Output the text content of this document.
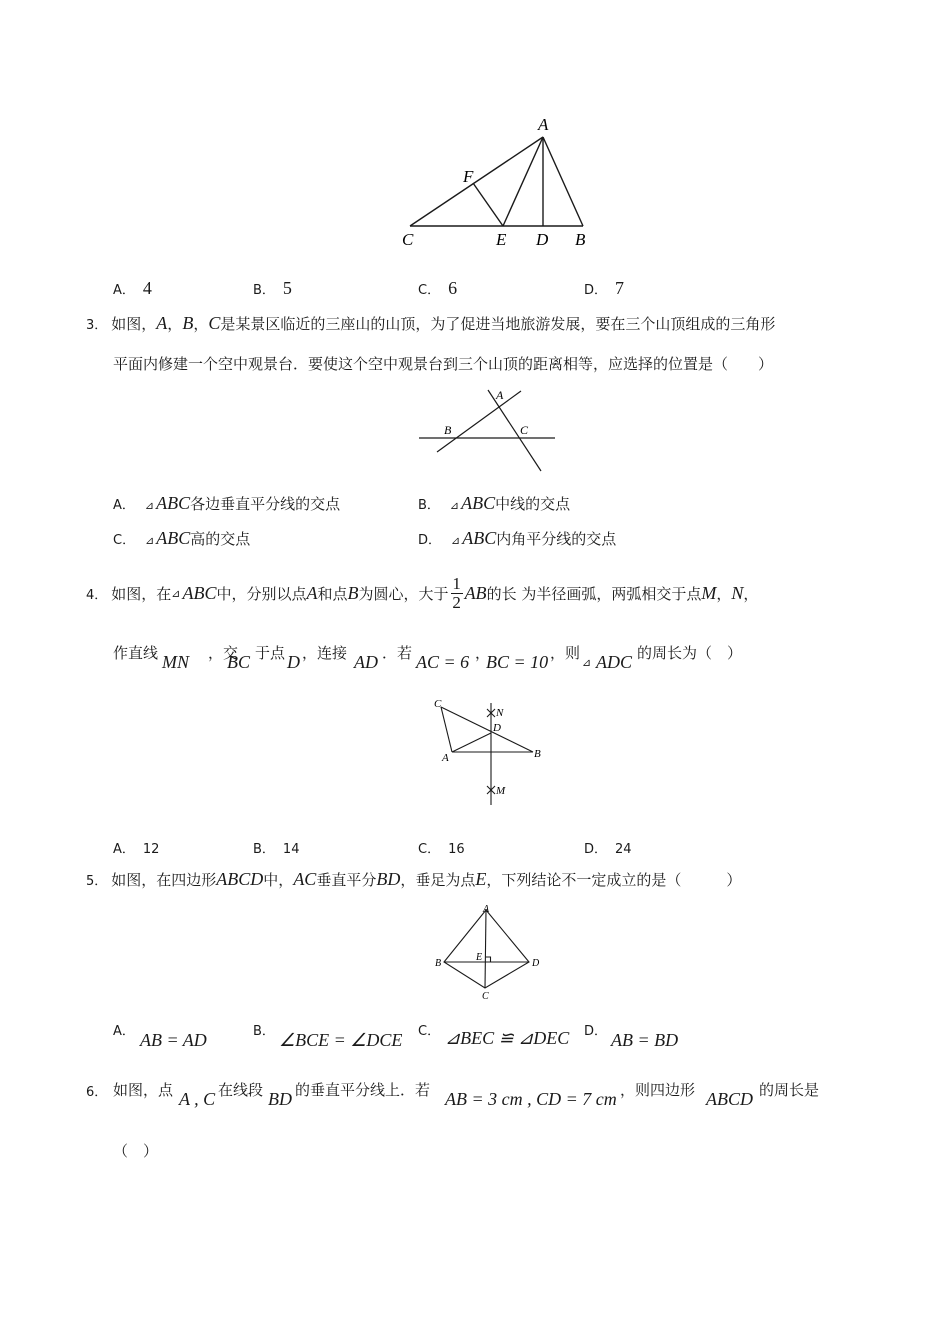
A
F
C	E D B
A． 4	B． 5	C． 6	D． 7
3． 如图， A ， B ， C 是某景区临近的三座山的山顶，为了促进当地旅游发展，要在三个山顶组成的三角形
平面内修建一个空中观景台．要使这个空中观景台到三个山顶的距离相等，应选择的位置是（　　）
A
B	C
A． ⊿ ABC 各边垂直平分线的交点	B． ⊿ ABC 中线的交点
C． ⊿ ABC 高的交点	D． ⊿ ABC 内角平分线的交点
4． 如图，在 ⊿ ABC 中，分别以点 A 和点 B 为圆心，大于 $\frac{1}{2}$ AB 的长 为半径画弧，两弧相交于点 M ， N ，
作直线 MN ，交
BC 于点 D ，连接 AD ．若 AC = 6 ，
BC = 10 ，则
⊿ ADC 的周长为（　）
C
N
D
A	B
M
A． 12	B． 14	C． 16	D． 24
5． 如图，在四边形 ABCD 中， AC 垂直平分 BD ，垂足为点 E ，下列结论不一定成立的是（　　　）
A
B
E
D
C
A． AB = AD	B． ∠BCE = ∠DCE C． ⊿BEC ≌ ⊿DEC D． AB = BD
6． 如图，点 A , C 在线段 BD 的垂直平分线上．若 AB = 3 cm , CD = 7 cm ，则四边形 ABCD 的周长是
（　）
